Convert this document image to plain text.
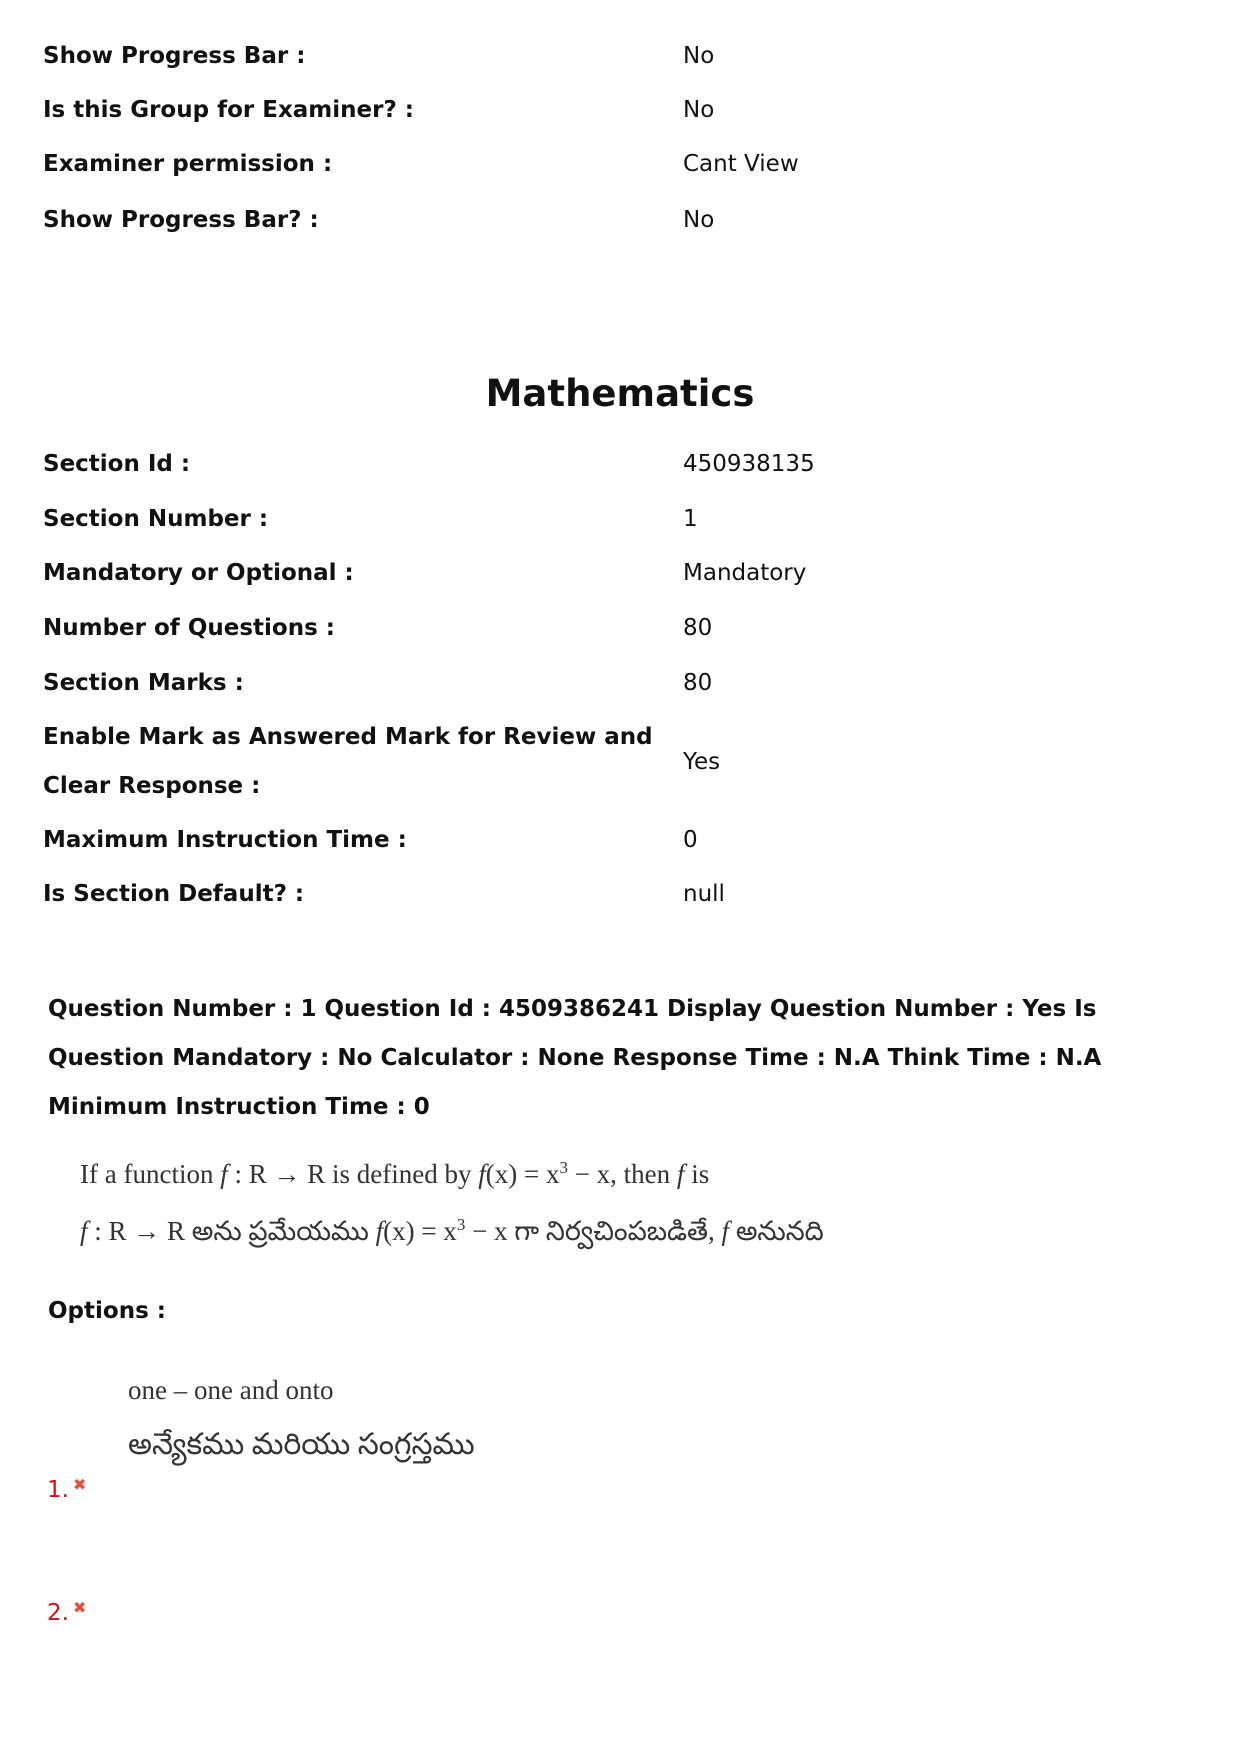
Show Progress Bar :	No
Is this Group for Examiner? :	No
Examiner permission :	Cant View
Show Progress Bar? :	No
Mathematics
Section Id :	450938135
Section Number :	1
Mandatory or Optional :	Mandatory
Number of Questions :	80
Section Marks :	80
Enable Mark as Answered Mark for Review and Clear Response :
Yes
Maximum Instruction Time :	0
Is Section Default? :	null
Question Number : 1 Question Id : 4509386241 Display Question Number : Yes Is Question Mandatory : No Calculator : None Response Time : N.A Think Time : N.A Minimum Instruction Time : 0
If a function f : R → R is defined by $f(x) = x^3 - x$, then f is
f : R → R అను ప్రమేయము $f(x) = x^3 - x$ గా నిర్వచింపబడితే, f అనునది
Options :
one – one and onto
అన్యేకము మరియు సంగ్రస్తము
1. ✖
2. ✖
